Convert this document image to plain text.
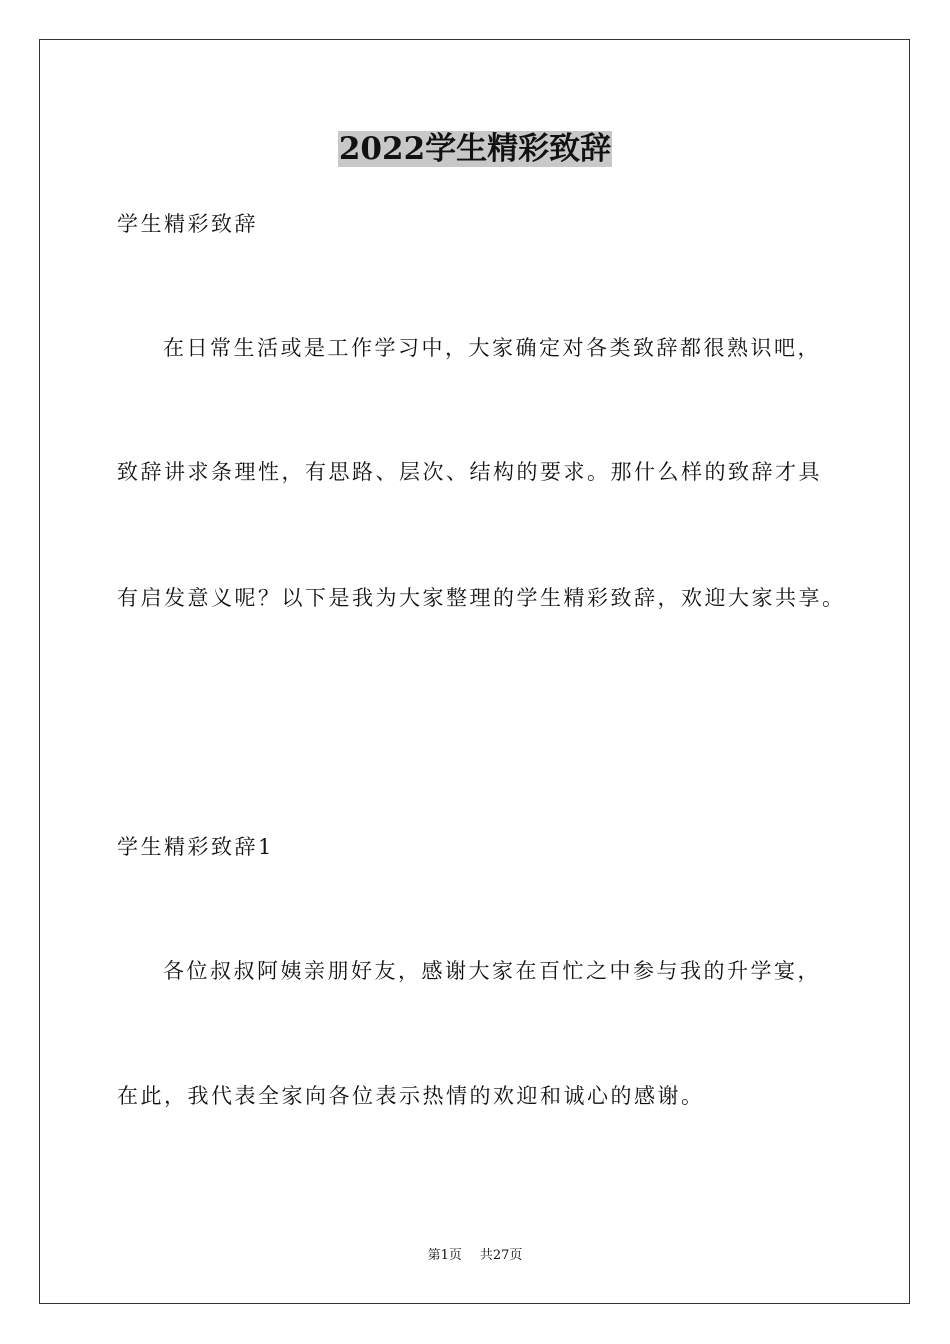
2022学生精彩致辞
学生精彩致辞
在日常生活或是工作学习中，大家确定对各类致辞都很熟识吧，
致辞讲求条理性，有思路、层次、结构的要求。那什么样的致辞才具
有启发意义呢？以下是我为大家整理的学生精彩致辞，欢迎大家共享。
学生精彩致辞1
各位叔叔阿姨亲朋好友，感谢大家在百忙之中参与我的升学宴，
在此，我代表全家向各位表示热情的欢迎和诚心的感谢。
第1页 共27页
